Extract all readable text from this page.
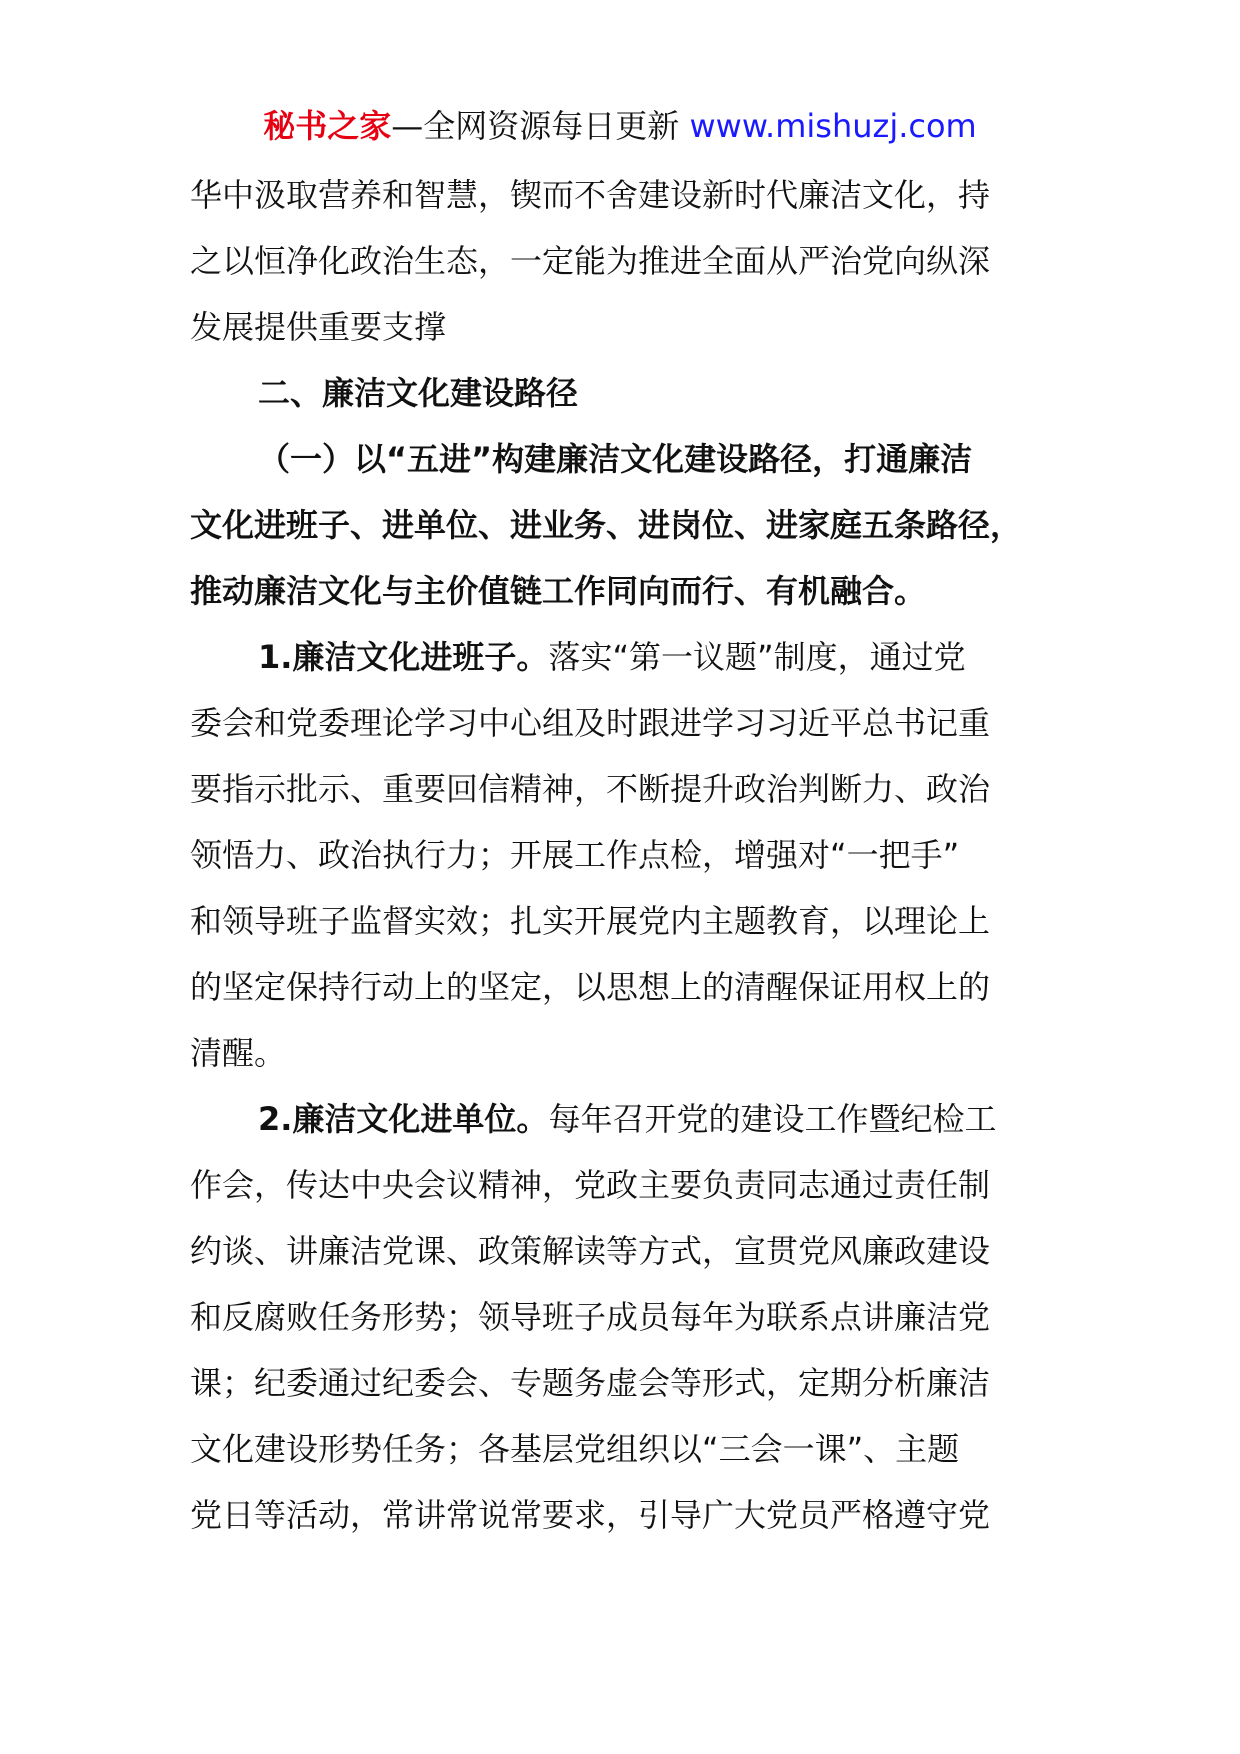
秘书之家—全网资源每日更新 www.mishuzj.com
华中汲取营养和智慧，锲而不舍建设新时代廉洁文化，持
之以恒净化政治生态，一定能为推进全面从严治党向纵深
发展提供重要支撑
二、廉洁文化建设路径
（一）以“五进”构建廉洁文化建设路径，打通廉洁
文化进班子、进单位、进业务、进岗位、进家庭五条路径，
推动廉洁文化与主价值链工作同向而行、有机融合。
1.廉洁文化进班子。落实“第一议题”制度，通过党
委会和党委理论学习中心组及时跟进学习习近平总书记重
要指示批示、重要回信精神，不断提升政治判断力、政治
领悟力、政治执行力；开展工作点检，增强对“一把手”
和领导班子监督实效；扎实开展党内主题教育，以理论上
的坚定保持行动上的坚定，以思想上的清醒保证用权上的
清醒。
2.廉洁文化进单位。每年召开党的建设工作暨纪检工
作会，传达中央会议精神，党政主要负责同志通过责任制
约谈、讲廉洁党课、政策解读等方式，宣贯党风廉政建设
和反腐败任务形势；领导班子成员每年为联系点讲廉洁党
课；纪委通过纪委会、专题务虚会等形式，定期分析廉洁
文化建设形势任务；各基层党组织以“三会一课”、主题
党日等活动，常讲常说常要求，引导广大党员严格遵守党
